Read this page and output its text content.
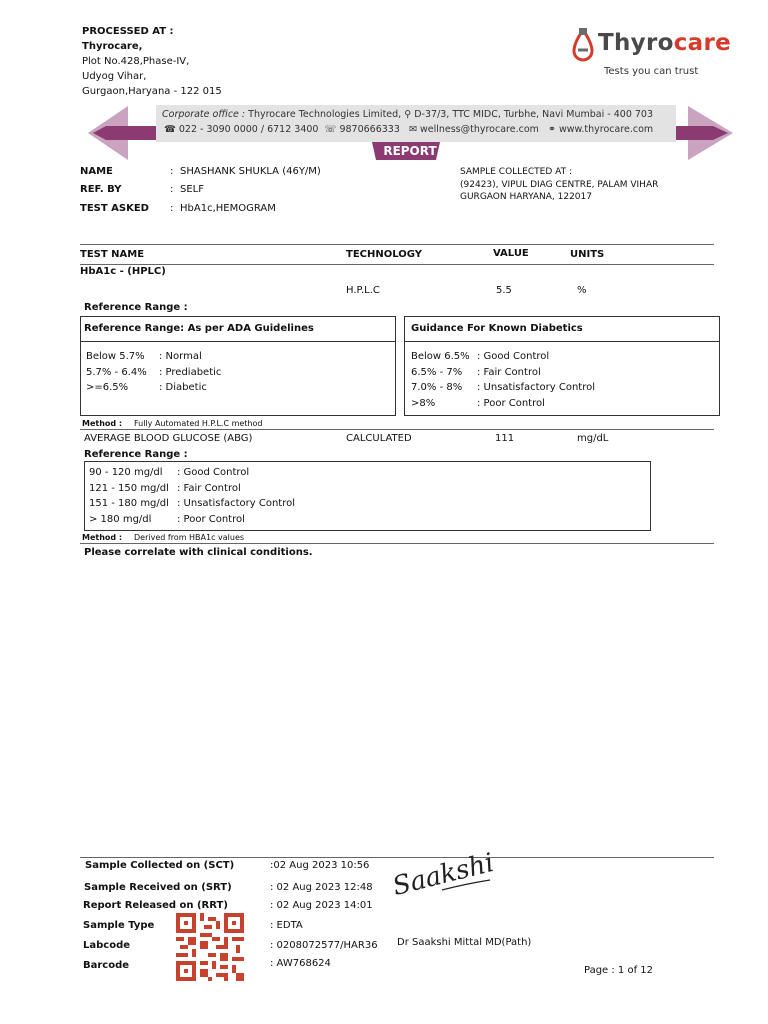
PROCESSED AT :
Thyrocare,
Plot No.428,Phase-IV,
Udyog Vihar,
Gurgaon,Haryana - 122 015
Thyrocare
Tests you can trust
Corporate office : Thyrocare Technologies Limited, ⚲ D-37/3, TTC MIDC, Turbhe, Navi Mumbai - 400 703
☎ 022 - 3090 0000 / 6712 3400 ☏ 9870666333 ✉ wellness@thyrocare.com ⚭ www.thyrocare.com
REPORT
NAME	: SHASHANK SHUKLA (46Y/M)
REF. BY	: SELF
TEST ASKED : HbA1c,HEMOGRAM
SAMPLE COLLECTED AT :
(92423), VIPUL DIAG CENTRE, PALAM VIHAR
GURGAON HARYANA, 122017
TEST NAME	TECHNOLOGY	VALUE	UNITS
HbA1c - (HPLC)
H.P.L.C	5.5	%
Reference Range :
Reference Range: As per ADA Guidelines
Below 5.7% : Normal
5.7% - 6.4% : Prediabetic
>=6.5%	: Diabetic
Guidance For Known Diabetics
Below 6.5% : Good Control
6.5% - 7% : Fair Control
7.0% - 8% : Unsatisfactory Control
>8%	: Poor Control
Method : Fully Automated H.P.L.C method
AVERAGE BLOOD GLUCOSE (ABG)	CALCULATED	111	mg/dL
Reference Range :
90 - 120 mg/dl : Good Control
121 - 150 mg/dl : Fair Control
151 - 180 mg/dl : Unsatisfactory Control
> 180 mg/dl	: Poor Control
Method : Derived from HBA1c values
Please correlate with clinical conditions.
Sample Collected on (SCT)	:02 Aug 2023 10:56
Sample Received on (SRT)	: 02 Aug 2023 12:48
Report Released on (RRT)	: 02 Aug 2023 14:01
Sample Type	: EDTA
Labcode	: 0208072577/HAR36
Barcode	: AW768624
Saakshi
Dr Saakshi Mittal MD(Path)
Page : 1 of 12
